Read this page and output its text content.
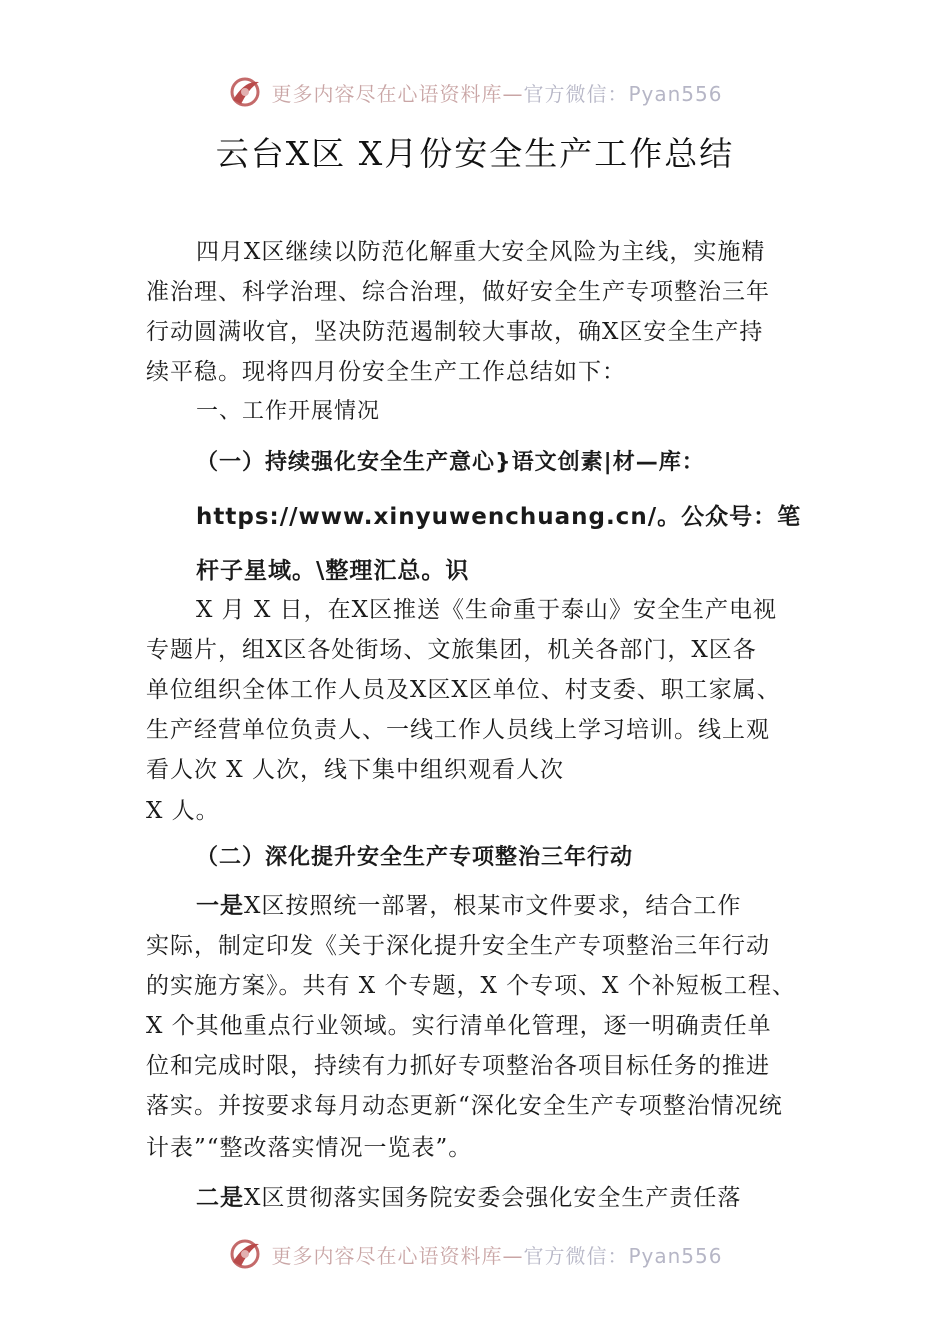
更多内容尽在心语资料库—官方微信：Pyan556
云台X区 X月份安全生产工作总结
四月X区继续以防范化解重大安全风险为主线，实施精
准治理、科学治理、综合治理，做好安全生产专项整治三年
行动圆满收官，坚决防范遏制较大事故，确X区安全生产持
续平稳。现将四月份安全生产工作总结如下：
一、工作开展情况
（一）持续强化安全生产意心}语文创素|材—库：
https://www.xinyuwenchuang.cn/。公众号：笔
杆子星域。\整理汇总。识
X 月 X 日，在X区推送《生命重于泰山》安全生产电视
专题片，组X区各处街场、文旅集团，机关各部门，X区各
单位组织全体工作人员及X区X区单位、村支委、职工家属、
生产经营单位负责人、一线工作人员线上学习培训。线上观
看人次 X 人次，线下集中组织观看人次
X 人。
（二）深化提升安全生产专项整治三年行动
一是X区按照统一部署，根某市文件要求，结合工作
实际，制定印发《关于深化提升安全生产专项整治三年行动
的实施方案》。共有 X 个专题，X 个专项、X 个补短板工程、
X 个其他重点行业领域。实行清单化管理，逐一明确责任单
位和完成时限，持续有力抓好专项整治各项目标任务的推进
落实。并按要求每月动态更新“深化安全生产专项整治情况统
计表”“整改落实情况一览表”。
二是X区贯彻落实国务院安委会强化安全生产责任落
更多内容尽在心语资料库—官方微信：Pyan556
